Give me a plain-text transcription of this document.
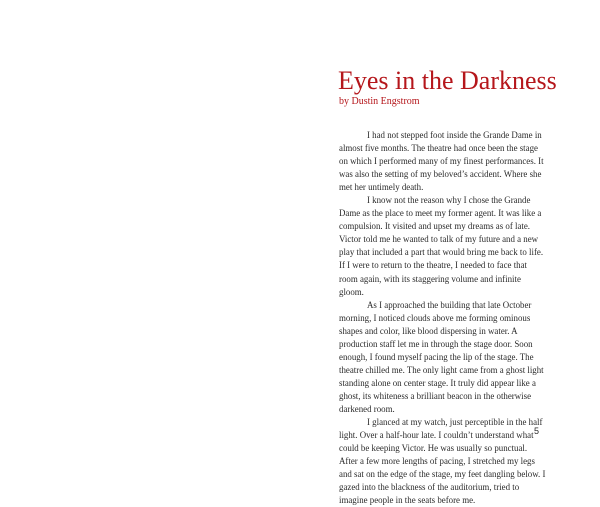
Eyes in the Darkness

by Dustin Engstrom

I had not stepped foot inside the Grande Dame in almost five months. The theatre had once been the stage on which I performed many of my finest performances. It was also the setting of my beloved’s accident. Where she met her untimely death.

I know not the reason why I chose the Grande Dame as the place to meet my former agent. It was like a compulsion. It visited and upset my dreams as of late. Victor told me he wanted to talk of my future and a new play that included a part that would bring me back to life. If I were to return to the theatre, I needed to face that room again, with its staggering volume and infinite gloom.

As I approached the building that late October morning, I noticed clouds above me forming ominous shapes and color, like blood dispersing in water. A production staff let me in through the stage door. Soon enough, I found myself pacing the lip of the stage. The theatre chilled me. The only light came from a ghost light standing alone on center stage. It truly did appear like a ghost, its whiteness a brilliant beacon in the otherwise darkened room.

I glanced at my watch, just perceptible in the half light. Over a half-hour late. I couldn’t understand what could be keeping Victor. He was usually so punctual. After a few more lengths of pacing, I stretched my legs and sat on the edge of the stage, my feet dangling below. I gazed into the blackness of the auditorium, tried to imagine people in the seats before me.

5
